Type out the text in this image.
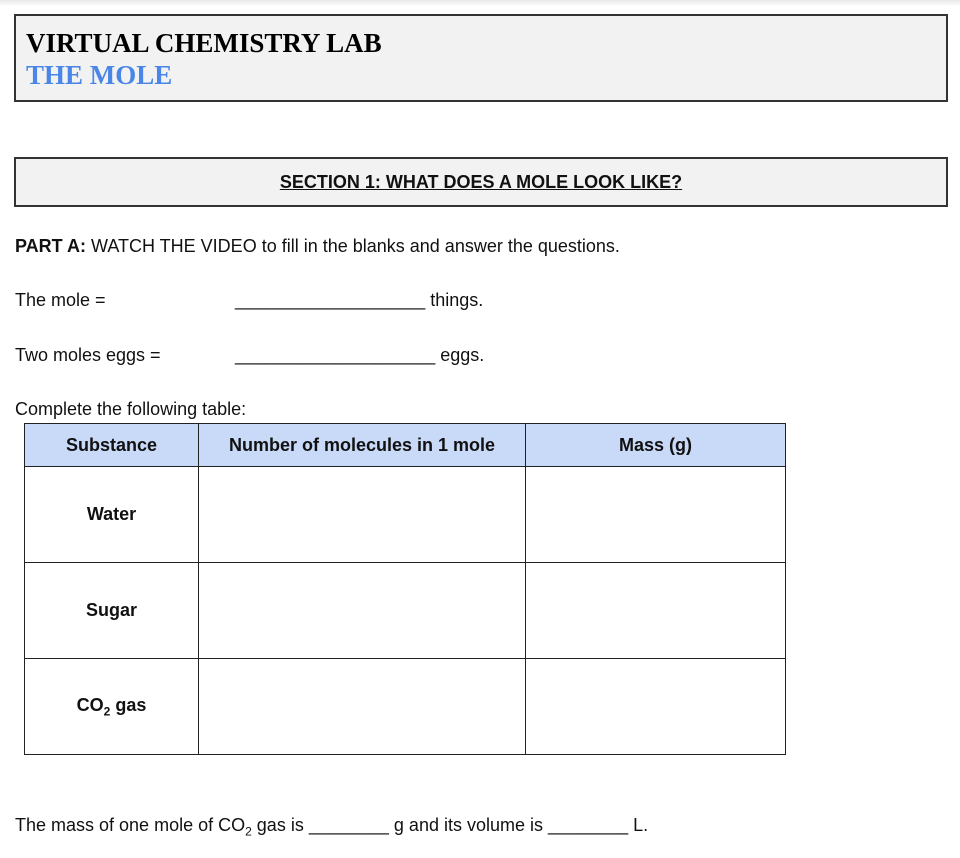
VIRTUAL CHEMISTRY LAB
THE MOLE
SECTION 1: WHAT DOES A MOLE LOOK LIKE?
PART A: WATCH THE VIDEO to fill in the blanks and answer the questions.
The mole =	___________________ things.
Two moles eggs =	____________________ eggs.
Complete the following table:
Substance	Number of molecules in 1 mole	Mass (g)
Water		
Sugar		
$CO_2$ gas		
The mass of one mole of $CO_2$ gas is ________ g and its volume is ________ L.
